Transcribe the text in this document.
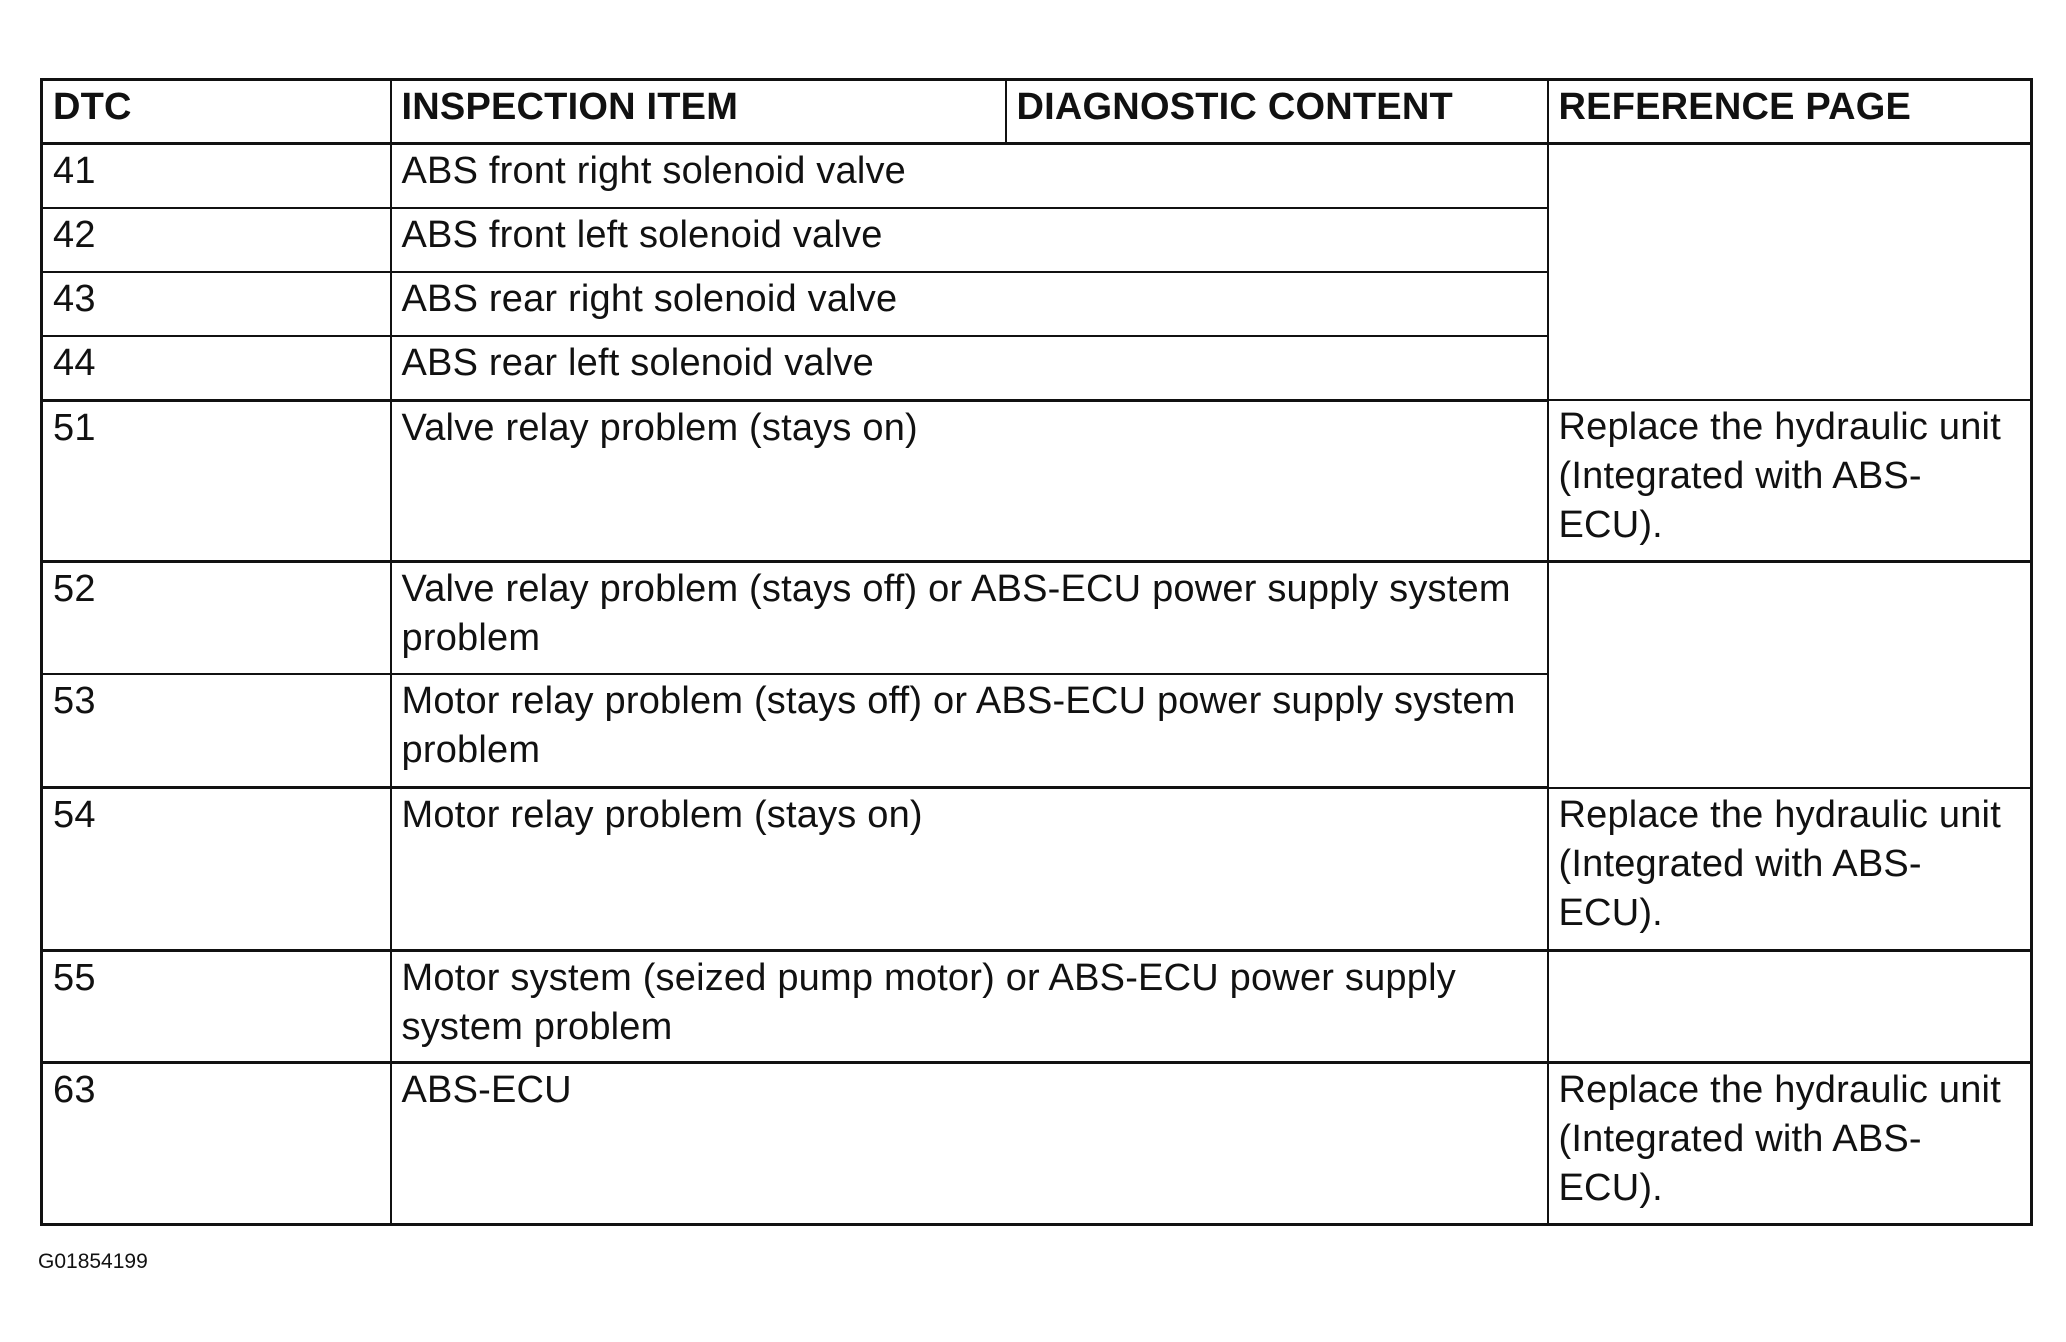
DTC	INSPECTION ITEM	DIAGNOSTIC CONTENT	REFERENCE PAGE
41	ABS front right solenoid valve		
42	ABS front left solenoid valve		
43	ABS rear right solenoid valve		
44	ABS rear left solenoid valve		
51	Valve relay problem (stays on)		Replace the hydraulic unit (Integrated with ABS-ECU).
52	Valve relay problem (stays off) or ABS-ECU power supply system problem		
53	Motor relay problem (stays off) or ABS-ECU power supply system problem		
54	Motor relay problem (stays on)		Replace the hydraulic unit (Integrated with ABS-ECU).
55	Motor system (seized pump motor) or ABS-ECU power supply system problem		
63	ABS-ECU		Replace the hydraulic unit (Integrated with ABS-ECU).
G01854199
